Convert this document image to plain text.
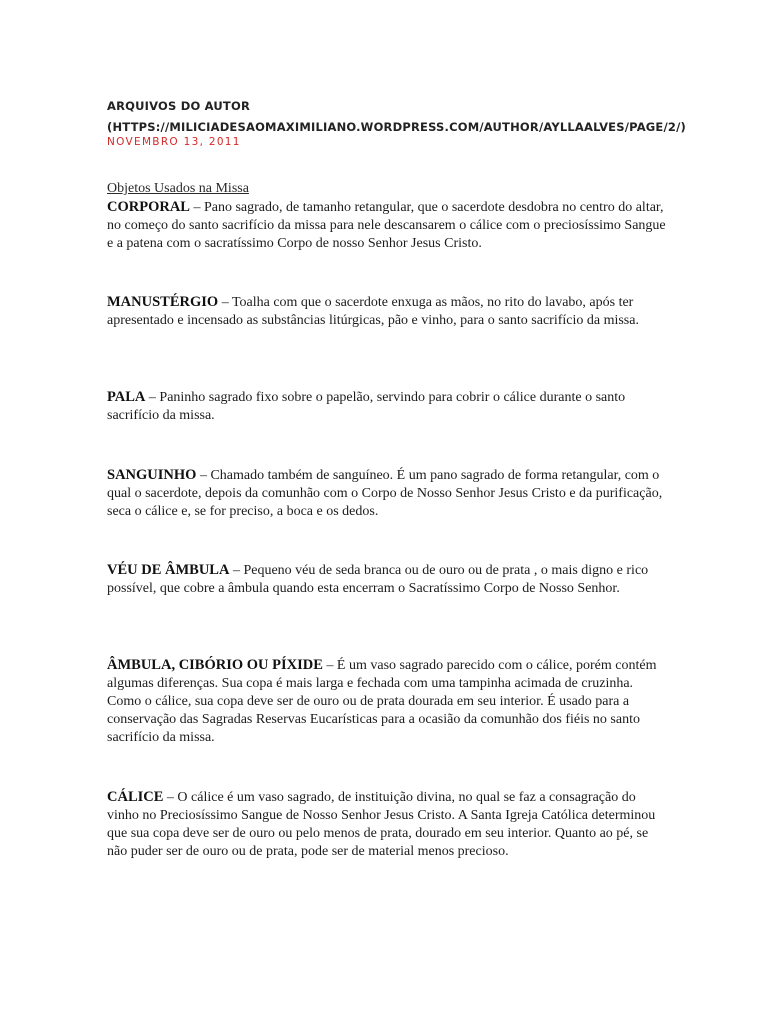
ARQUIVOS DO AUTOR
(HTTPS://MILICIADESAOMAXIMILIANO.WORDPRESS.COM/AUTHOR/AYLLAALVES/PAGE/2/)
NOVEMBRO 13, 2011
Objetos Usados na Missa
CORPORAL – Pano sagrado, de tamanho retangular, que o sacerdote desdobra no centro do altar, no começo do santo sacrifício da missa para nele descansarem o cálice com o preciosíssimo Sangue e a patena com o sacratíssimo Corpo de nosso Senhor Jesus Cristo.
MANUSTÉRGIO – Toalha com que o sacerdote enxuga as mãos, no rito do lavabo, após ter apresentado e incensado as substâncias litúrgicas, pão e vinho, para o santo sacrifício da missa.
PALA – Paninho sagrado fixo sobre o papelão, servindo para cobrir o cálice durante o santo sacrifício da missa.
SANGUINHO – Chamado também de sanguíneo. É um pano sagrado de forma retangular, com o qual o sacerdote, depois da comunhão com o Corpo de Nosso Senhor Jesus Cristo e da purificação, seca o cálice e, se for preciso, a boca e os dedos.
VÉU DE ÂMBULA – Pequeno véu de seda branca ou de ouro ou de prata , o mais digno e rico possível, que cobre a âmbula quando esta encerram o Sacratíssimo Corpo de Nosso Senhor.
ÂMBULA, CIBÓRIO OU PÍXIDE – É um vaso sagrado parecido com o cálice, porém contém algumas diferenças. Sua copa é mais larga e fechada com uma tampinha acimada de cruzinha. Como o cálice, sua copa deve ser de ouro ou de prata dourada em seu interior. É usado para a conservação das Sagradas Reservas Eucarísticas para a ocasião da comunhão dos fiéis no santo sacrifício da missa.
CÁLICE – O cálice é um vaso sagrado, de instituição divina, no qual se faz a consagração do vinho no Preciosíssimo Sangue de Nosso Senhor Jesus Cristo. A Santa Igreja Católica determinou que sua copa deve ser de ouro ou pelo menos de prata, dourado em seu interior. Quanto ao pé, se não puder ser de ouro ou de prata, pode ser de material menos precioso.
